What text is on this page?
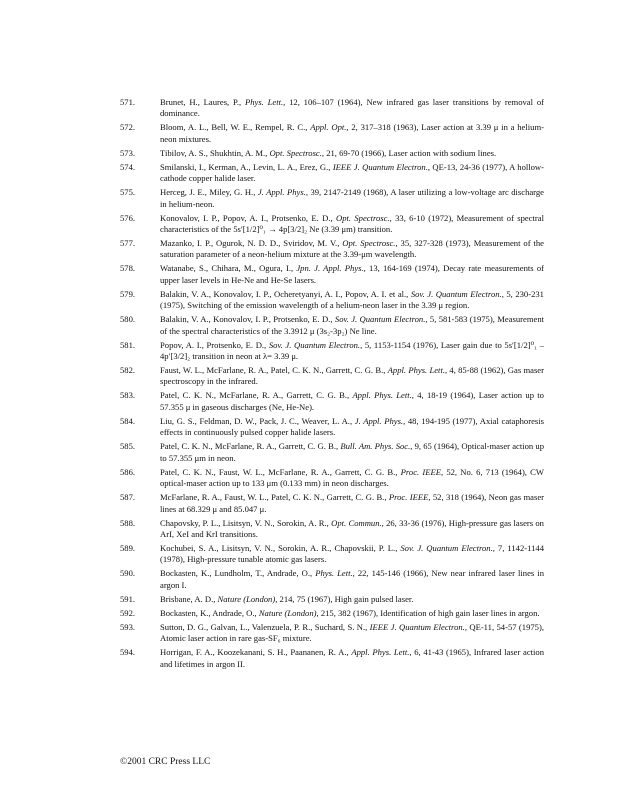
571.	Brunet, H., Laures, P., Phys. Lett., 12, 106–107 (1964), New infrared gas laser transitions by removal of dominance.
572.	Bloom, A. L., Bell, W. E., Rempel, R. C., Appl. Opt., 2, 317–318 (1963), Laser action at 3.39 μ in a helium-neon mixtures.
573.	Tibilov, A. S., Shukhtin, A. M., Opt. Spectrosc., 21, 69-70 (1966), Laser action with sodium lines.
574.	Smilanski, I., Kerman, A., Levin, L. A., Erez, G., IEEE J. Quantum Electron., QE-13, 24-36 (1977), A hollow-cathode copper halide laser.
575.	Herceg, J. E., Miley, G. H., J. Appl. Phys., 39, 2147-2149 (1968), A laser utilizing a low-voltage arc discharge in helium-neon.
576.	Konovalov, I. P., Popov, A. I., Protsenko, E. D., Opt. Spectrosc., 33, 6-10 (1972), Measurement of spectral characteristics of the 5s′[1/2]⁰₁ → 4p[3/2]₂ Ne (3.39 μm) transition.
577.	Mazanko, I. P., Ogurok, N. D. D., Sviridov, M. V., Opt. Spectrosc., 35, 327-328 (1973), Measurement of the saturation parameter of a neon-helium mixture at the 3.39-μm wavelength.
578.	Watanabe, S., Chihara, M., Ogura, I., Jpn. J. Appl. Phys., 13, 164-169 (1974), Decay rate measurements of upper laser levels in He-Ne and He-Se lasers.
579.	Balakin, V. A., Konovalov, I. P., Ocheretyanyi, A. I., Popov, A. I. et al., Sov. J. Quantum Electron., 5, 230-231 (1975), Switching of the emission wavelength of a helium-neon laser in the 3.39 μ region.
580.	Balakin, V. A., Konovalov, I. P., Protsenko, E. D., Sov. J. Quantum Electron., 5, 581-583 (1975), Measurement of the spectral characteristics of the 3.3912 μ (3s₂-3p₂) Ne line.
581.	Popov, A. I., Protsenko, E. D., Sov. J. Quantum Electron., 5, 1153-1154 (1976), Laser gain due to 5s′[1/2]⁰₁ – 4p′[3/2]₂ transition in neon at λ= 3.39 μ.
582.	Faust, W. L., McFarlane, R. A., Patel, C. K. N., Garrett, C. G. B., Appl. Phys. Lett., 4, 85-88 (1962), Gas maser spectroscopy in the infrared.
583.	Patel, C. K. N., McFarlane, R. A., Garrett, C. G. B., Appl. Phys. Lett., 4, 18-19 (1964), Laser action up to 57.355 μ in gaseous discharges (Ne, He-Ne).
584.	Liu, G. S., Feldman, D. W., Pack, J. C., Weaver, L. A., J. Appl. Phys., 48, 194-195 (1977), Axial cataphoresis effects in continuously pulsed copper halide lasers.
585.	Patel, C. K. N., McFarlane, R. A., Garrett, C. G. B., Bull. Am. Phys. Soc., 9, 65 (1964), Optical-maser action up to 57.355 μm in neon.
586.	Patel, C. K. N., Faust, W. L., McFarlane, R. A., Garrett, C. G. B., Proc. IEEE, 52, No. 6, 713 (1964), CW optical-maser action up to 133 μm (0.133 mm) in neon discharges.
587.	McFarlane, R. A., Faust, W. L., Patel, C. K. N., Garrett, C. G. B., Proc. IEEE, 52, 318 (1964), Neon gas maser lines at 68.329 μ and 85.047 μ.
588.	Chapovsky, P. L., Lisitsyn, V. N., Sorokin, A. R., Opt. Commun., 26, 33-36 (1976), High-pressure gas lasers on ArI, XeI and KrI transitions.
589.	Kochubei, S. A., Lisitsyn, V. N., Sorokin, A. R., Chapovskii, P. L., Sov. J. Quantum Electron., 7, 1142-1144 (1978), High-pressure tunable atomic gas lasers.
590.	Bockasten, K., Lundholm, T., Andrade, O., Phys. Lett., 22, 145-146 (1966), New near infrared laser lines in argon I.
591.	Brisbane, A. D., Nature (London), 214, 75 (1967), High gain pulsed laser.
592.	Bockasten, K., Andrade, O., Nature (London), 215, 382 (1967), Identification of high gain laser lines in argon.
593.	Sutton, D. G., Galvan, L., Valenzuela, P. R., Suchard, S. N., IEEE J. Quantum Electron., QE-11, 54-57 (1975), Atomic laser action in rare gas-SF₆ mixture.
594.	Horrigan, F. A., Koozekanani, S. H., Paananen, R. A., Appl. Phys. Lett., 6, 41-43 (1965), Infrared laser action and lifetimes in argon II.
©2001 CRC Press LLC
